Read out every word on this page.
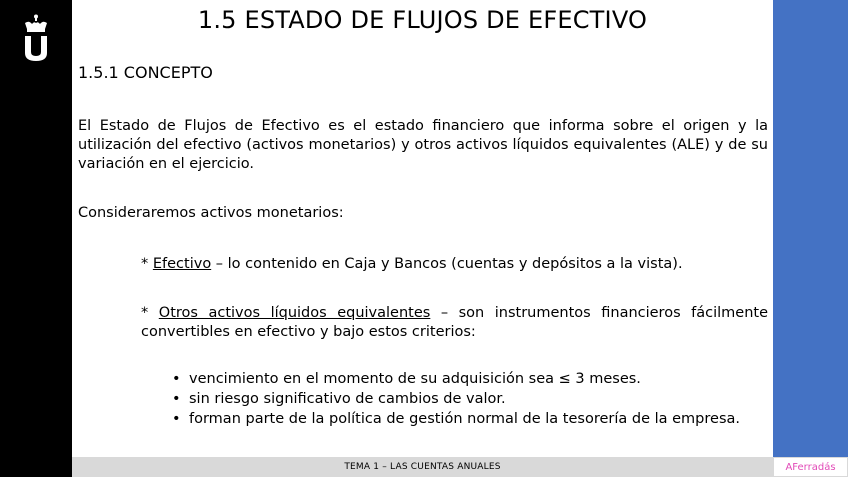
1.5 ESTADO DE FLUJOS DE EFECTIVO
1.5.1 CONCEPTO
El Estado de Flujos de Efectivo es el estado financiero que informa sobre el origen y la utilización del efectivo (activos monetarios) y otros activos líquidos equivalentes (ALE) y de su variación en el ejercicio.
Consideraremos activos monetarios:
* Efectivo – lo contenido en Caja y Bancos (cuentas y depósitos a la vista).
* Otros activos líquidos equivalentes – son instrumentos financieros fácilmente convertibles en efectivo y bajo estos criterios:
• vencimiento en el momento de su adquisición sea ≤ 3 meses.
• sin riesgo significativo de cambios de valor.
• forman parte de la política de gestión normal de la tesorería de la empresa.
TEMA 1 – LAS CUENTAS ANUALES	AFerradás
